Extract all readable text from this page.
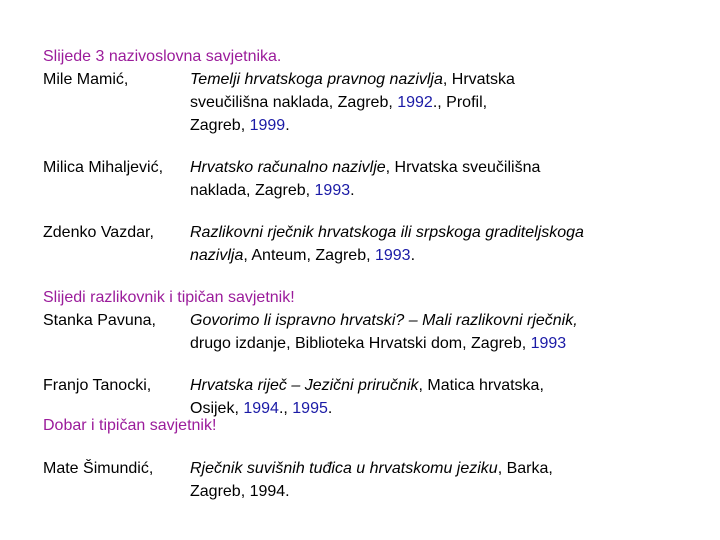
Slijede 3 nazivoslovna savjetnika.
Mile Mamić,	Temelji hrvatskoga pravnog nazivlja, Hrvatska
sveučilišna naklada, Zagreb, 1992., Profil,
Zagreb, 1999.
Milica Mihaljević, Hrvatsko računalno nazivlje, Hrvatska sveučilišna
naklada, Zagreb, 1993.
Zdenko Vazdar, Razlikovni rječnik hrvatskoga ili srpskoga graditeljskoga
nazivlja, Anteum, Zagreb, 1993.
Slijedi razlikovnik i tipičan savjetnik!
Stanka Pavuna, Govorimo li ispravno hrvatski? – Mali razlikovni rječnik,
drugo izdanje, Biblioteka Hrvatski dom, Zagreb, 1993
Franjo Tanocki, Hrvatska riječ – Jezični priručnik, Matica hrvatska,
Osijek, 1994., 1995.
Dobar i tipičan savjetnik!
Mate Šimundić, Rječnik suvišnih tuđica u hrvatskomu jeziku, Barka,
Zagreb, 1994.
